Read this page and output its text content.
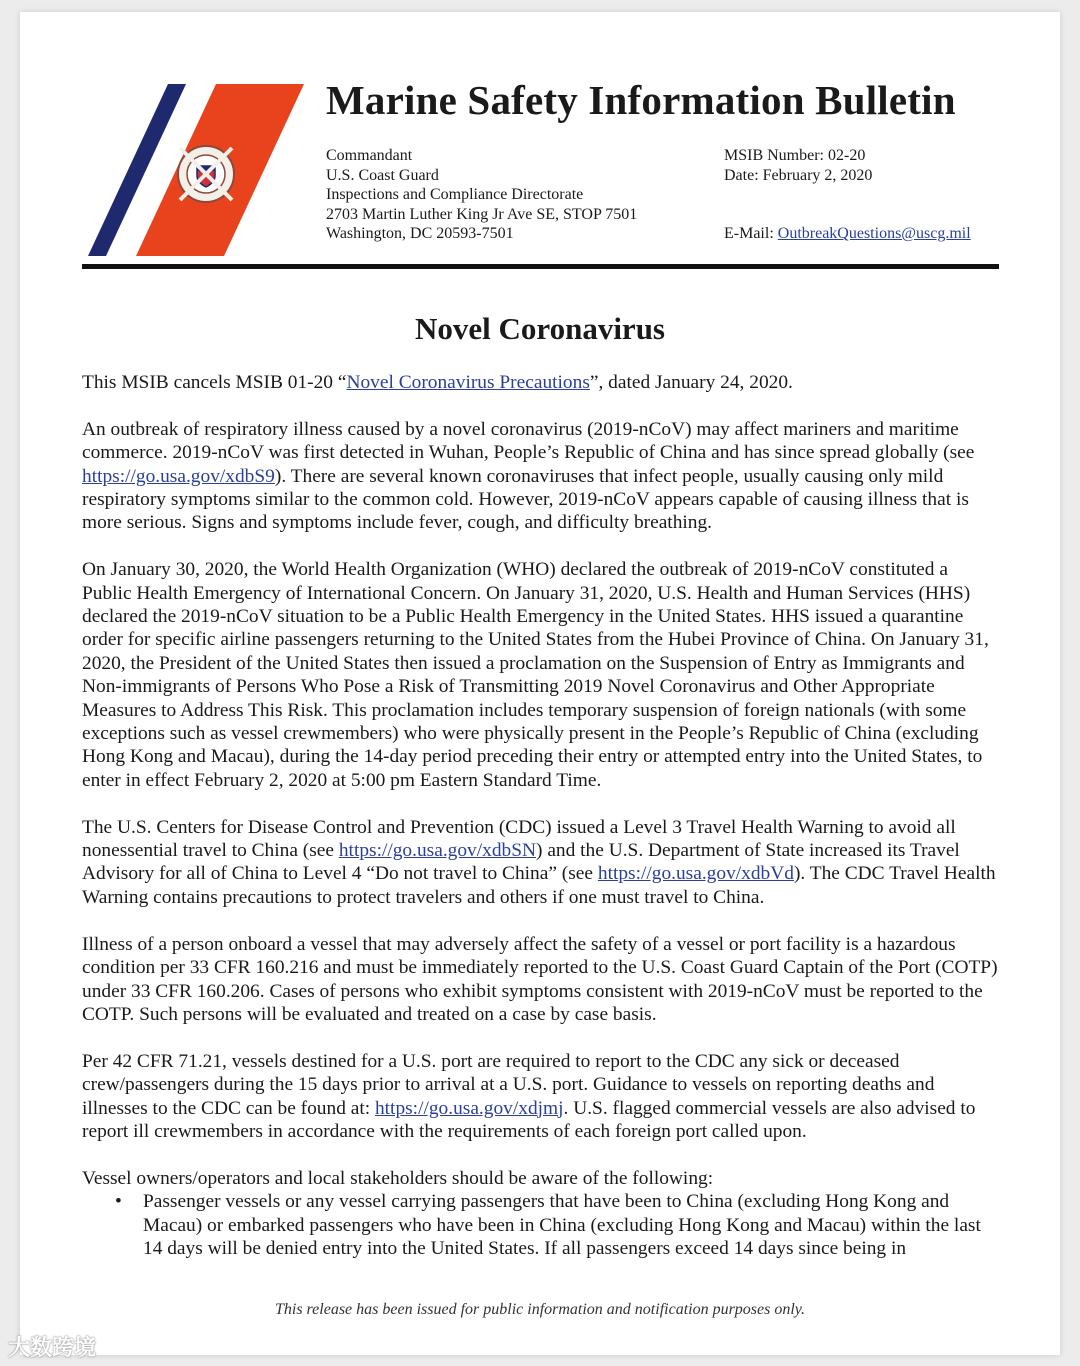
Marine Safety Information Bulletin
Commandant
U.S. Coast Guard
Inspections and Compliance Directorate
2703 Martin Luther King Jr Ave SE, STOP 7501
Washington, DC 20593-7501
MSIB Number: 02-20
Date: February 2, 2020

E-Mail: OutbreakQuestions@uscg.mil
Novel Coronavirus

This MSIB cancels MSIB 01-20 “Novel Coronavirus Precautions”, dated January 24, 2020.

An outbreak of respiratory illness caused by a novel coronavirus (2019-nCoV) may affect mariners and maritime commerce. 2019-nCoV was first detected in Wuhan, People’s Republic of China and has since spread globally (see https://go.usa.gov/xdbS9). There are several known coronaviruses that infect people, usually causing only mild respiratory symptoms similar to the common cold. However, 2019-nCoV appears capable of causing illness that is more serious. Signs and symptoms include fever, cough, and difficulty breathing.

On January 30, 2020, the World Health Organization (WHO) declared the outbreak of 2019-nCoV constituted a Public Health Emergency of International Concern. On January 31, 2020, U.S. Health and Human Services (HHS) declared the 2019-nCoV situation to be a Public Health Emergency in the United States. HHS issued a quarantine order for specific airline passengers returning to the United States from the Hubei Province of China. On January 31, 2020, the President of the United States then issued a proclamation on the Suspension of Entry as Immigrants and Non-immigrants of Persons Who Pose a Risk of Transmitting 2019 Novel Coronavirus and Other Appropriate Measures to Address This Risk. This proclamation includes temporary suspension of foreign nationals (with some exceptions such as vessel crewmembers) who were physically present in the People’s Republic of China (excluding Hong Kong and Macau), during the 14-day period preceding their entry or attempted entry into the United States, to enter in effect February 2, 2020 at 5:00 pm Eastern Standard Time.

The U.S. Centers for Disease Control and Prevention (CDC) issued a Level 3 Travel Health Warning to avoid all nonessential travel to China (see https://go.usa.gov/xdbSN) and the U.S. Department of State increased its Travel Advisory for all of China to Level 4 “Do not travel to China” (see https://go.usa.gov/xdbVd). The CDC Travel Health Warning contains precautions to protect travelers and others if one must travel to China.

Illness of a person onboard a vessel that may adversely affect the safety of a vessel or port facility is a hazardous condition per 33 CFR 160.216 and must be immediately reported to the U.S. Coast Guard Captain of the Port (COTP) under 33 CFR 160.206. Cases of persons who exhibit symptoms consistent with 2019-nCoV must be reported to the COTP. Such persons will be evaluated and treated on a case by case basis.

Per 42 CFR 71.21, vessels destined for a U.S. port are required to report to the CDC any sick or deceased crew/passengers during the 15 days prior to arrival at a U.S. port. Guidance to vessels on reporting deaths and illnesses to the CDC can be found at: https://go.usa.gov/xdjmj. U.S. flagged commercial vessels are also advised to report ill crewmembers in accordance with the requirements of each foreign port called upon.

Vessel owners/operators and local stakeholders should be aware of the following:
• Passenger vessels or any vessel carrying passengers that have been to China (excluding Hong Kong and Macau) or embarked passengers who have been in China (excluding Hong Kong and Macau) within the last 14 days will be denied entry into the United States. If all passengers exceed 14 days since being in
This release has been issued for public information and notification purposes only.
大数跨境
